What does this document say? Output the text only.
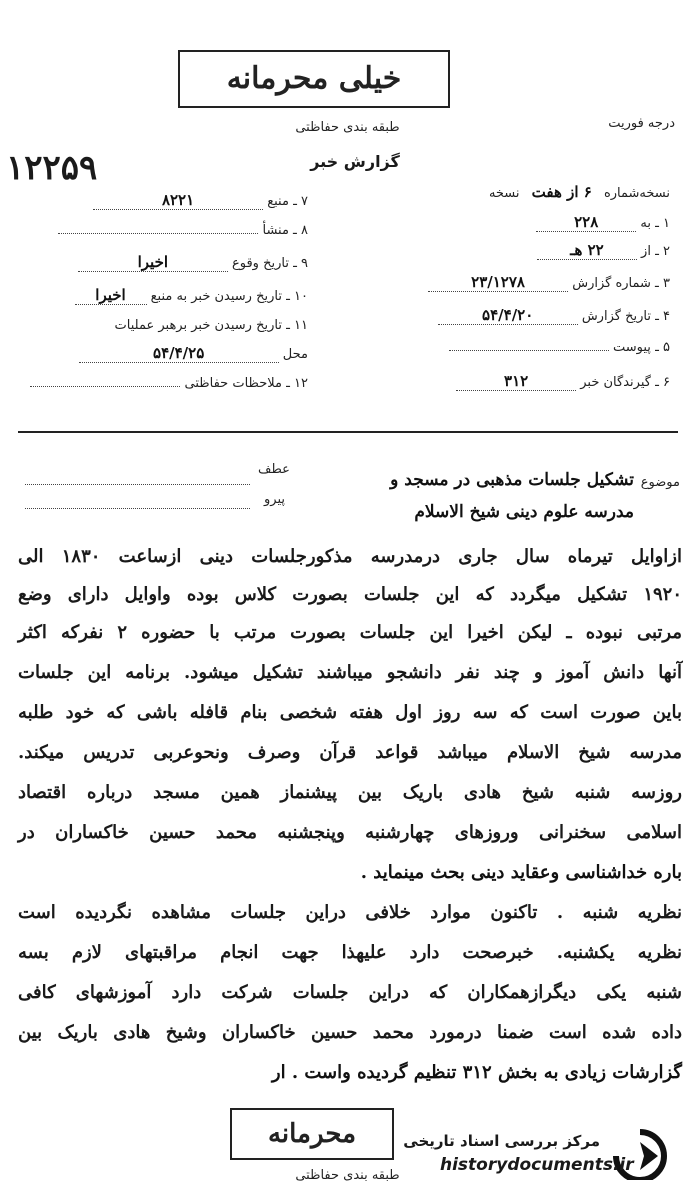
خیلی محرمانه
طبقه بندی حفاظتی	درجه فوریت
۱۲۲۵۹	گزارش خبر
نسخه‌شماره ۶ از هفت نسخه
۱ ـ به ۲۲۸
۲ ـ از ۲۲ هـ
۳ ـ شماره گزارش ۲۳/۱۲۷۸
۴ ـ تاریخ گزارش ۵۴/۴/۲۰
۵ ـ پیوست
۶ ـ گیرندگان خبر ۳۱۲
۷ ـ منبع ۸۲۲۱
۸ ـ منشأ
۹ ـ تاریخ وقوع اخیرا
۱۰ ـ تاریخ رسیدن خبر به منبع اخیرا
۱۱ ـ تاریخ رسیدن خبر برهبر عملیات
محل ۵۴/۴/۲۵
۱۲ ـ ملاحظات حفاظتی
موضوع
تشکیل جلسات مذهبی در مسجد و
مدرسه علوم دینی شیخ الاسلام
عطف
پیرو
ازاوایل تیرماه سال جاری درمدرسه مذکورجلسات دینی ازساعت ۱۸۳۰ الی
۱۹۲۰ تشکیل میگردد که این جلسات بصورت کلاس بوده واوایل دارای وضع
مرتبی نبوده ـ لیکن اخیرا این جلسات بصورت مرتب با حضوره ۲ نفرکه اکثر
آنها دانش آموز و چند نفر دانشجو میباشند تشکیل میشود. برنامه این جلسات
باین صورت است که سه روز اول هفته شخصی بنام قافله باشی که خود طلبه
مدرسه شیخ الاسلام میباشد قواعد قرآن وصرف ونحوعربی تدریس میکند.
روزسه شنبه شیخ هادی باریک بین پیشنماز همین مسجد درباره اقتصاد
اسلامی سخنرانی وروزهای چهارشنبه وپنجشنبه محمد حسین خاکساران در
باره خداشناسی وعقاید دینی بحث مینماید .
نظریه شنبه . تاکنون موارد خلافی دراین جلسات مشاهده نگردیده است
نظریه یکشنبه. خبرصحت دارد علیهذا جهت انجام مراقبتهای لازم بسه
شنبه یکی دیگرازهمکاران که دراین جلسات شرکت دارد آموزشهای کافی
داده شده است ضمنا درمورد محمد حسین خاکساران وشیخ هادی باریک بین
گزارشات زیادی به بخش ۳۱۲ تنظیم گردیده واست . ار
محرمانه
طبقه بندی حفاظتی
مرکز بررسی اسناد تاریخی
historydocuments.ir
